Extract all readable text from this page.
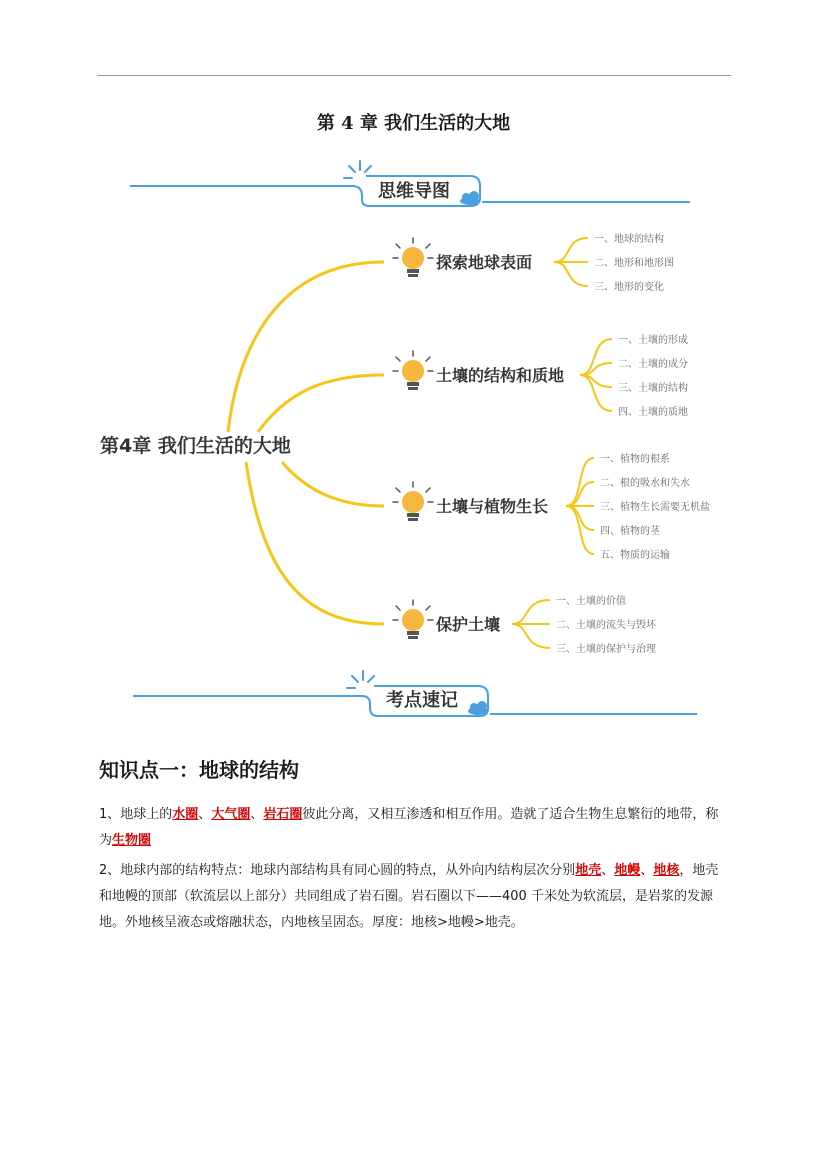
第 4 章 我们生活的大地
思维导图
考点速记
第4章 我们生活的大地
探索地球表面
一、地球的结构
二、地形和地形图
三、地形的变化
土壤的结构和质地
一、土壤的形成
二、土壤的成分
三、土壤的结构
四、土壤的质地
土壤与植物生长
一、植物的根系
二、根的吸水和失水
三、植物生长需要无机盐
四、植物的茎
五、物质的运输
保护土壤
一、土壤的价值
二、土壤的流失与毁坏
三、土壤的保护与治理
知识点一：地球的结构
1、地球上的水圈、大气圈、岩石圈彼此分离，又相互渗透和相互作用。造就了适合生物生息繁衍的地带，称为生物圈
2、地球内部的结构特点：地球内部结构具有同心圆的特点，从外向内结构层次分别地壳、地幔、地核，地壳和地幔的顶部（软流层以上部分）共同组成了岩石圈。岩石圈以下——400 千米处为软流层，是岩浆的发源地。外地核呈液态或熔融状态，内地核呈固态。厚度：地核>地幔>地壳。
